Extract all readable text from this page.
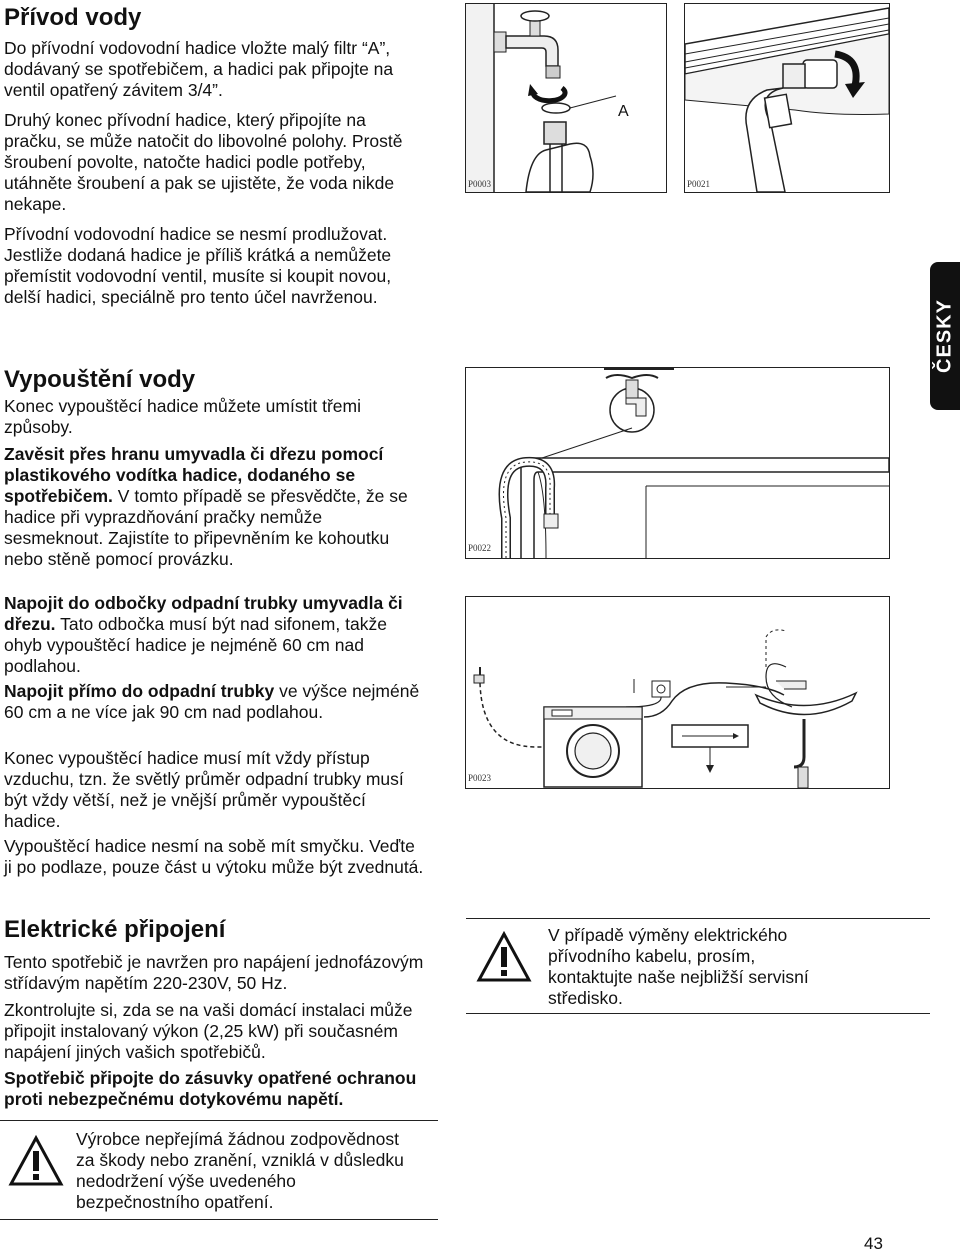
Přívod vody

Do přívodní vodovodní hadice vložte malý filtr “A”, dodávaný se spotřebičem, a hadici pak připojte na ventil opatřený závitem 3/4”.

Druhý konec přívodní hadice, který připojíte na pračku, se může natočit do libovolné polohy. Prostě šroubení povolte, natočte hadici podle potřeby, utáhněte šroubení a pak se ujistěte, že voda nikde nekape.

Přívodní vodovodní hadice se nesmí prodlužovat. Jestliže dodaná hadice je příliš krátká a nemůžete přemístit vodovodní ventil, musíte si koupit novou, delší hadici, speciálně pro tento účel navrženou.

Vypouštění vody

Konec vypouštěcí hadice můžete umístit třemi způsoby.

Zavěsit přes hranu umyvadla či dřezu pomocí plastikového vodítka hadice, dodaného se spotřebičem. V tomto případě se přesvědčte, že se hadice při vyprazdňování pračky nemůže sesmeknout. Zajistíte to připevněním ke kohoutku nebo stěně pomocí provázku.

Napojit do odbočky odpadní trubky umyvadla či dřezu. Tato odbočka musí být nad sifonem, takže ohyb vypouštěcí hadice je nejméně 60 cm nad podlahou.

Napojit přímo do odpadní trubky ve výšce nejméně 60 cm a ne více jak 90 cm nad podlahou.

Konec vypouštěcí hadice musí mít vždy přístup vzduchu, tzn. že světlý průměr odpadní trubky musí být vždy větší, než je vnější průměr vypouštěcí hadice.

Vypouštěcí hadice nesmí na sobě mít smyčku. Veďte ji po podlaze, pouze část u výtoku může být zvednutá.

Elektrické připojení

Tento spotřebič je navržen pro napájení jednofázovým střídavým napětím 220-230V, 50 Hz.

Zkontrolujte si, zda se na vaši domácí instalaci může připojit instalovaný výkon (2,25 kW) při současném napájení jiných vašich spotřebičů.

Spotřebič připojte do zásuvky opatřené ochranou proti nebezpečnému dotykovému napětí.

Výrobce nepřejímá žádnou zodpovědnost za škody nebo zranění, vzniklá v důsledku nedodržení výše uvedeného bezpečnostního opatření.

V případě výměny elektrického přívodního kabelu, prosím, kontaktujte naše nejbližší servisní středisko.

A
P0003	P0021
P0022
P0023
ČESKY
43
